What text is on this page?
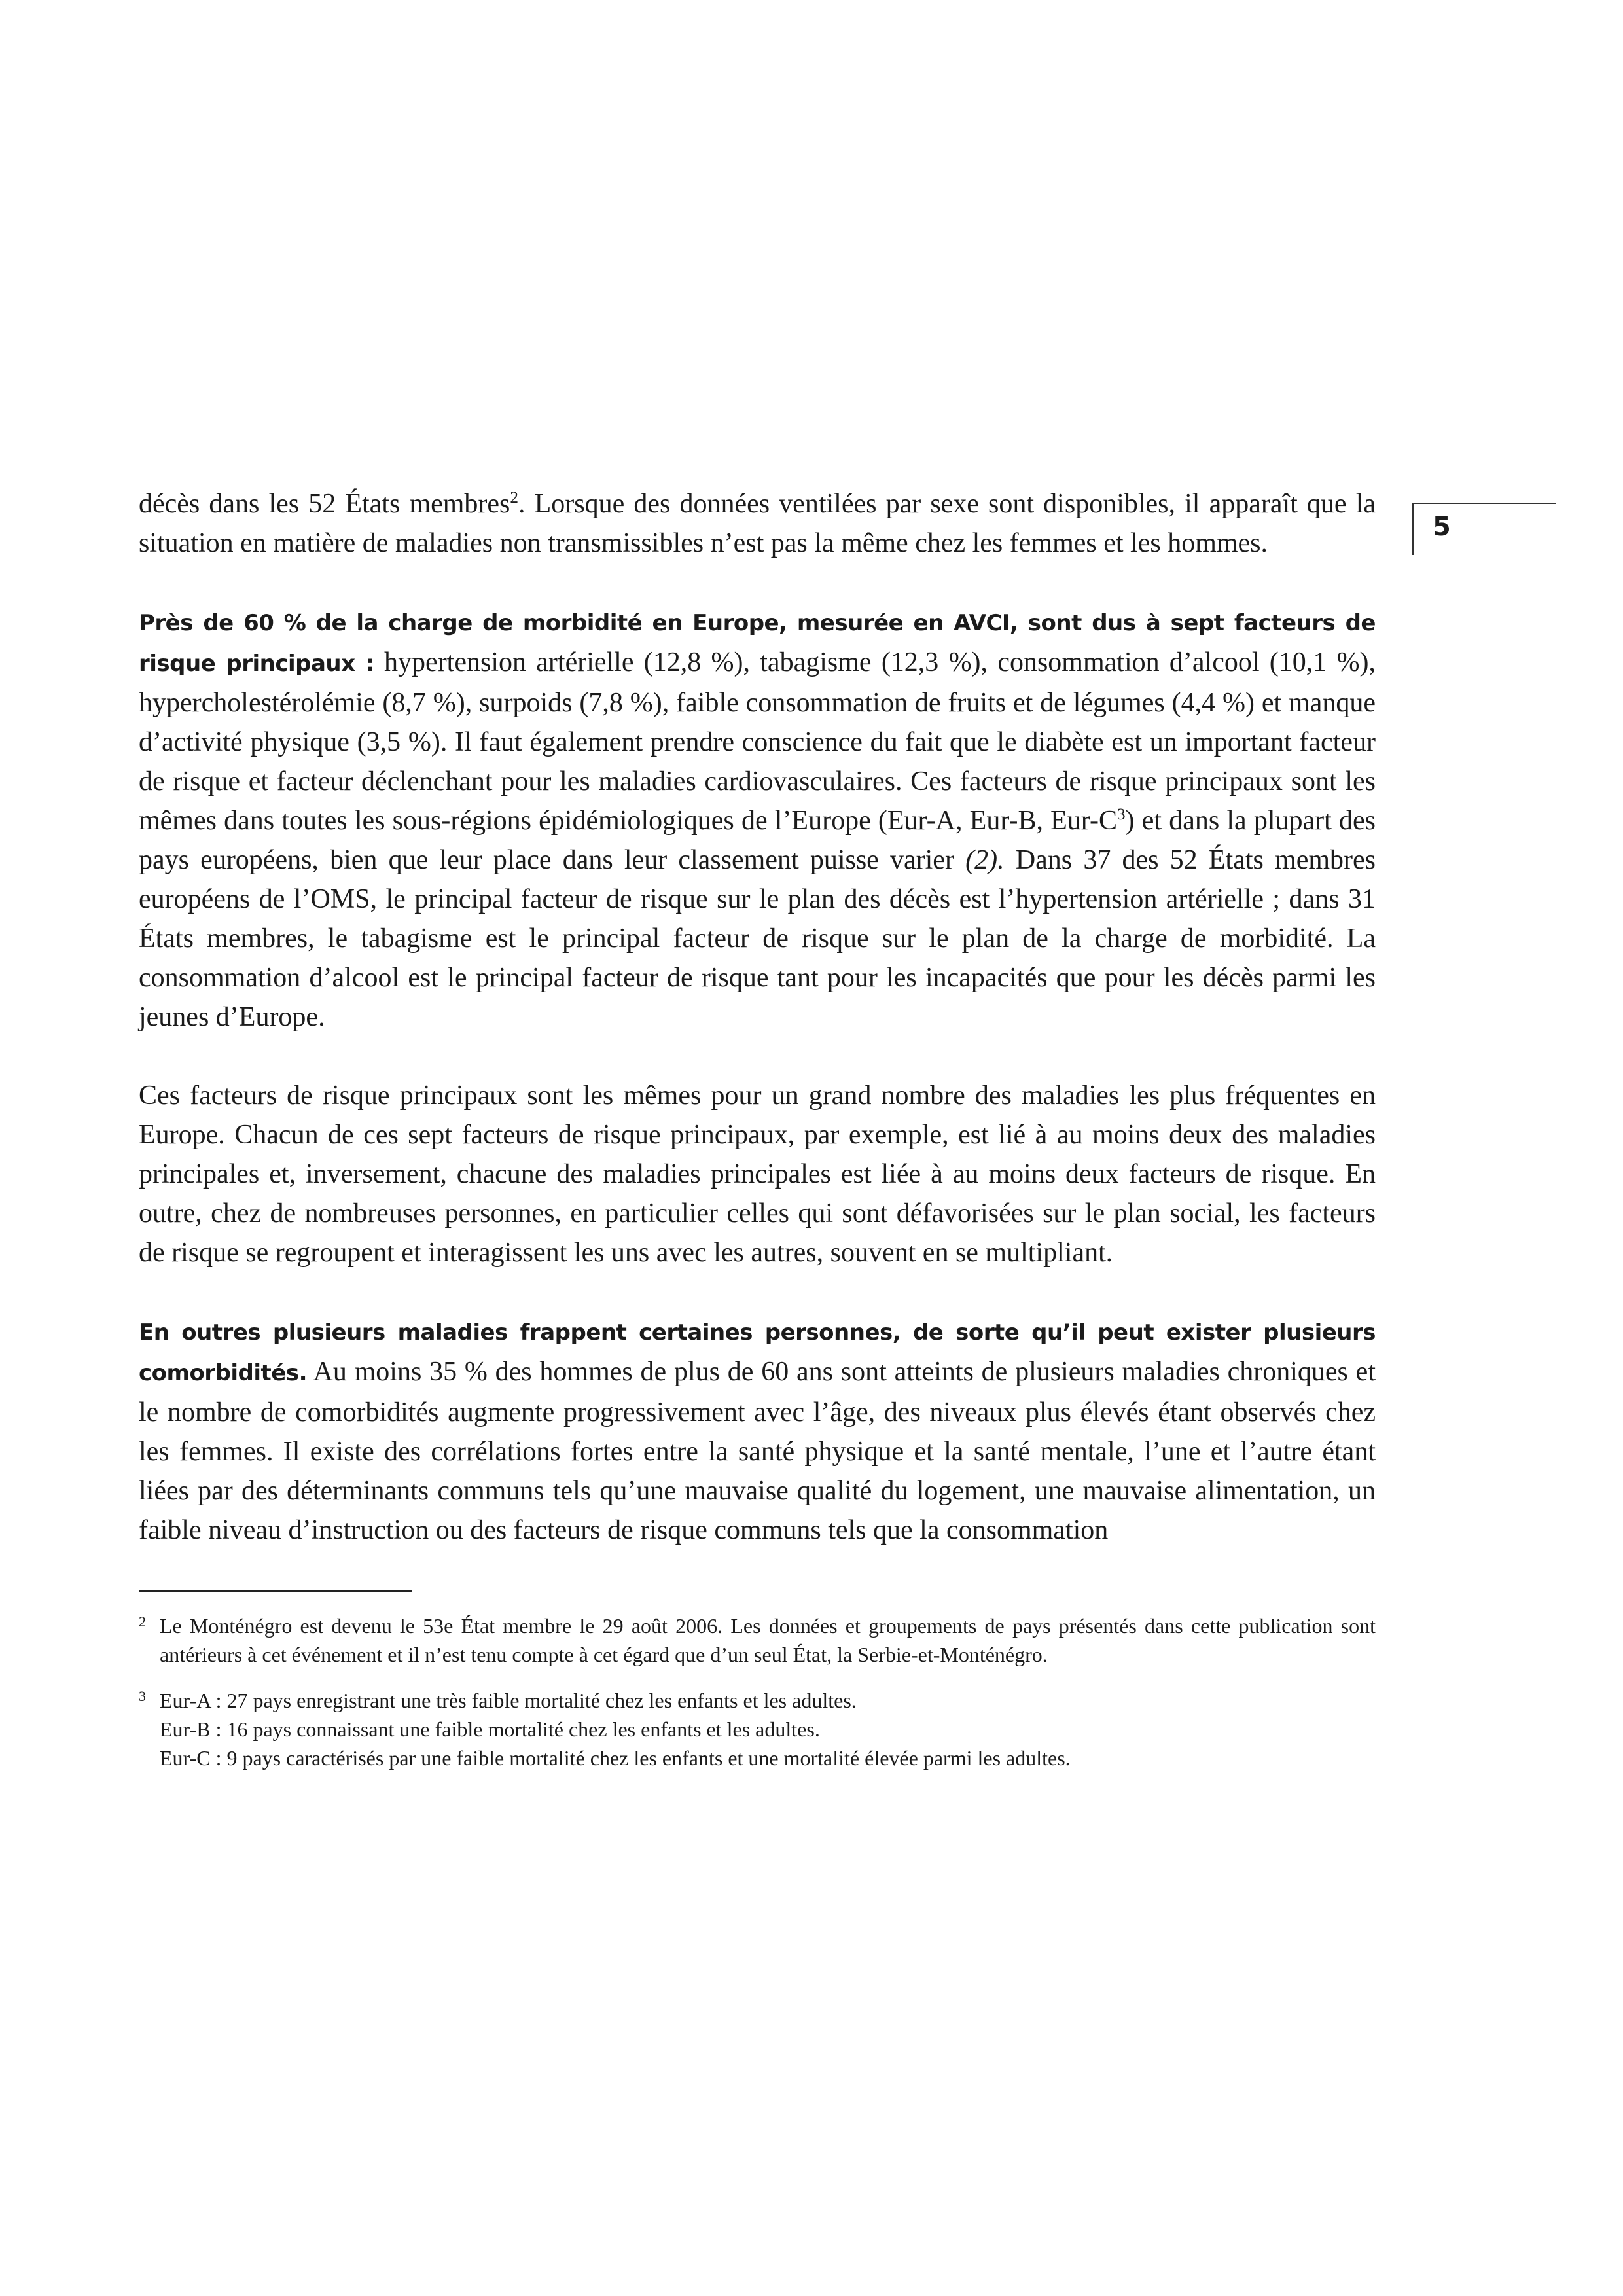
5

décès dans les 52 États membres$^2$. Lorsque des données ventilées par sexe sont disponibles, il apparaît que la situation en matière de maladies non transmissibles n’est pas la même chez les femmes et les hommes.

Près de 60 % de la charge de morbidité en Europe, mesurée en AVCI, sont dus à sept facteurs de risque principaux : hypertension artérielle (12,8 %), tabagisme (12,3 %), consommation d’alcool (10,1 %), hypercholestérolémie (8,7 %), surpoids (7,8 %), faible consommation de fruits et de légumes (4,4 %) et manque d’activité physique (3,5 %). Il faut également prendre conscience du fait que le diabète est un important facteur de risque et facteur déclenchant pour les maladies cardiovasculaires. Ces facteurs de risque principaux sont les mêmes dans toutes les sous-régions épidémiologiques de l’Europe (Eur-A, Eur-B, Eur-$C^3$) et dans la plupart des pays européens, bien que leur place dans leur classement puisse varier (2). Dans 37 des 52 États membres européens de l’OMS, le principal facteur de risque sur le plan des décès est l’hypertension artérielle ; dans 31 États membres, le tabagisme est le principal facteur de risque sur le plan de la charge de morbidité. La consommation d’alcool est le principal facteur de risque tant pour les incapacités que pour les décès parmi les jeunes d’Europe.

Ces facteurs de risque principaux sont les mêmes pour un grand nombre des maladies les plus fréquentes en Europe. Chacun de ces sept facteurs de risque principaux, par exemple, est lié à au moins deux des maladies principales et, inversement, chacune des maladies principales est liée à au moins deux facteurs de risque. En outre, chez de nombreuses personnes, en particulier celles qui sont défavorisées sur le plan social, les facteurs de risque se regroupent et interagissent les uns avec les autres, souvent en se multipliant.

En outres plusieurs maladies frappent certaines personnes, de sorte qu’il peut exister plusieurs comorbidités. Au moins 35 % des hommes de plus de 60 ans sont atteints de plusieurs maladies chroniques et le nombre de comorbidités augmente progressivement avec l’âge, des niveaux plus élevés étant observés chez les femmes. Il existe des corrélations fortes entre la santé physique et la santé mentale, l’une et l’autre étant liées par des déterminants communs tels qu’une mauvaise qualité du logement, une mauvaise alimentation, un faible niveau d’instruction ou des facteurs de risque communs tels que la consommation

2 Le Monténégro est devenu le 53e État membre le 29 août 2006. Les données et groupements de pays présentés dans cette publication sont antérieurs à cet événement et il n’est tenu compte à cet égard que d’un seul État, la Serbie-et-Monténégro.
3 Eur-A : 27 pays enregistrant une très faible mortalité chez les enfants et les adultes.
Eur-B : 16 pays connaissant une faible mortalité chez les enfants et les adultes.
Eur-C : 9 pays caractérisés par une faible mortalité chez les enfants et une mortalité élevée parmi les adultes.
